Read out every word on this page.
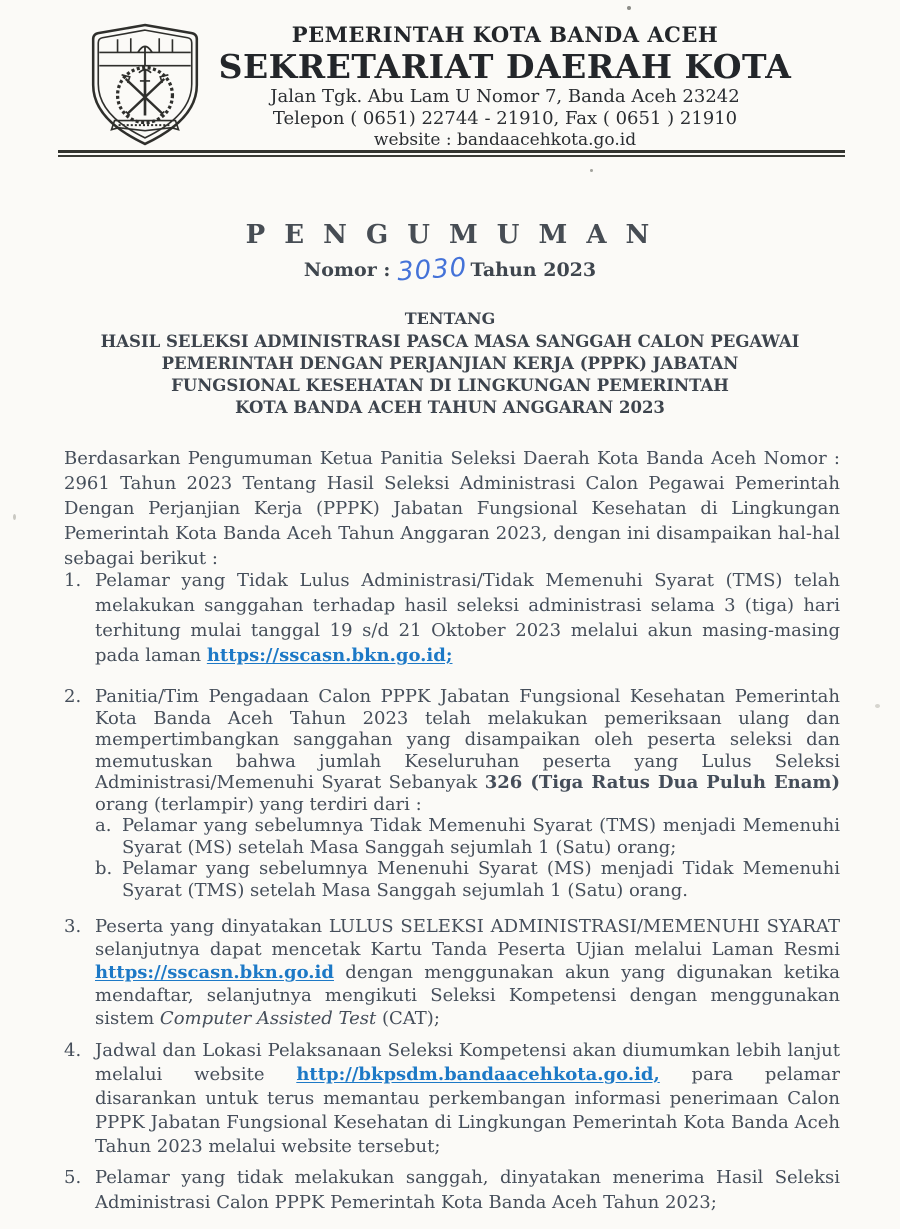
PEMERINTAH KOTA BANDA ACEH
SEKRETARIAT DAERAH KOTA
Jalan Tgk. Abu Lam U Nomor 7, Banda Aceh 23242
Telepon ( 0651) 22744 - 21910, Fax ( 0651 ) 21910
website : bandaacehkota.go.id
P E N G U M U M A N
Nomor : 3030 Tahun 2023
TENTANG
HASIL SELEKSI ADMINISTRASI PASCA MASA SANGGAH CALON PEGAWAI
PEMERINTAH DENGAN PERJANJIAN KERJA (PPPK) JABATAN
FUNGSIONAL KESEHATAN DI LINGKUNGAN PEMERINTAH
KOTA BANDA ACEH TAHUN ANGGARAN 2023

Berdasarkan Pengumuman Ketua Panitia Seleksi Daerah Kota Banda Aceh Nomor : 2961 Tahun 2023 Tentang Hasil Seleksi Administrasi Calon Pegawai Pemerintah Dengan Perjanjian Kerja (PPPK) Jabatan Fungsional Kesehatan di Lingkungan Pemerintah Kota Banda Aceh Tahun Anggaran 2023, dengan ini disampaikan hal-hal sebagai berikut :

1. Pelamar yang Tidak Lulus Administrasi/Tidak Memenuhi Syarat (TMS) telah melakukan sanggahan terhadap hasil seleksi administrasi selama 3 (tiga) hari terhitung mulai tanggal 19 s/d 21 Oktober 2023 melalui akun masing-masing pada laman https://sscasn.bkn.go.id;
2. Panitia/Tim Pengadaan Calon PPPK Jabatan Fungsional Kesehatan Pemerintah Kota Banda Aceh Tahun 2023 telah melakukan pemeriksaan ulang dan mempertimbangkan sanggahan yang disampaikan oleh peserta seleksi dan memutuskan bahwa jumlah Keseluruhan peserta yang Lulus Seleksi Administrasi/Memenuhi Syarat Sebanyak 326 (Tiga Ratus Dua Puluh Enam) orang (terlampir) yang terdiri dari :
a. Pelamar yang sebelumnya Tidak Memenuhi Syarat (TMS) menjadi Memenuhi Syarat (MS) setelah Masa Sanggah sejumlah 1 (Satu) orang;
b. Pelamar yang sebelumnya Menenuhi Syarat (MS) menjadi Tidak Memenuhi Syarat (TMS) setelah Masa Sanggah sejumlah 1 (Satu) orang.
3. Peserta yang dinyatakan LULUS SELEKSI ADMINISTRASI/MEMENUHI SYARAT selanjutnya dapat mencetak Kartu Tanda Peserta Ujian melalui Laman Resmi https://sscasn.bkn.go.id dengan menggunakan akun yang digunakan ketika mendaftar, selanjutnya mengikuti Seleksi Kompetensi dengan menggunakan sistem Computer Assisted Test (CAT);
4. Jadwal dan Lokasi Pelaksanaan Seleksi Kompetensi akan diumumkan lebih lanjut melalui website http://bkpsdm.bandaacehkota.go.id, para pelamar disarankan untuk terus memantau perkembangan informasi penerimaan Calon PPPK Jabatan Fungsional Kesehatan di Lingkungan Pemerintah Kota Banda Aceh Tahun 2023 melalui website tersebut;
5. Pelamar yang tidak melakukan sanggah, dinyatakan menerima Hasil Seleksi Administrasi Calon PPPK Pemerintah Kota Banda Aceh Tahun 2023;
